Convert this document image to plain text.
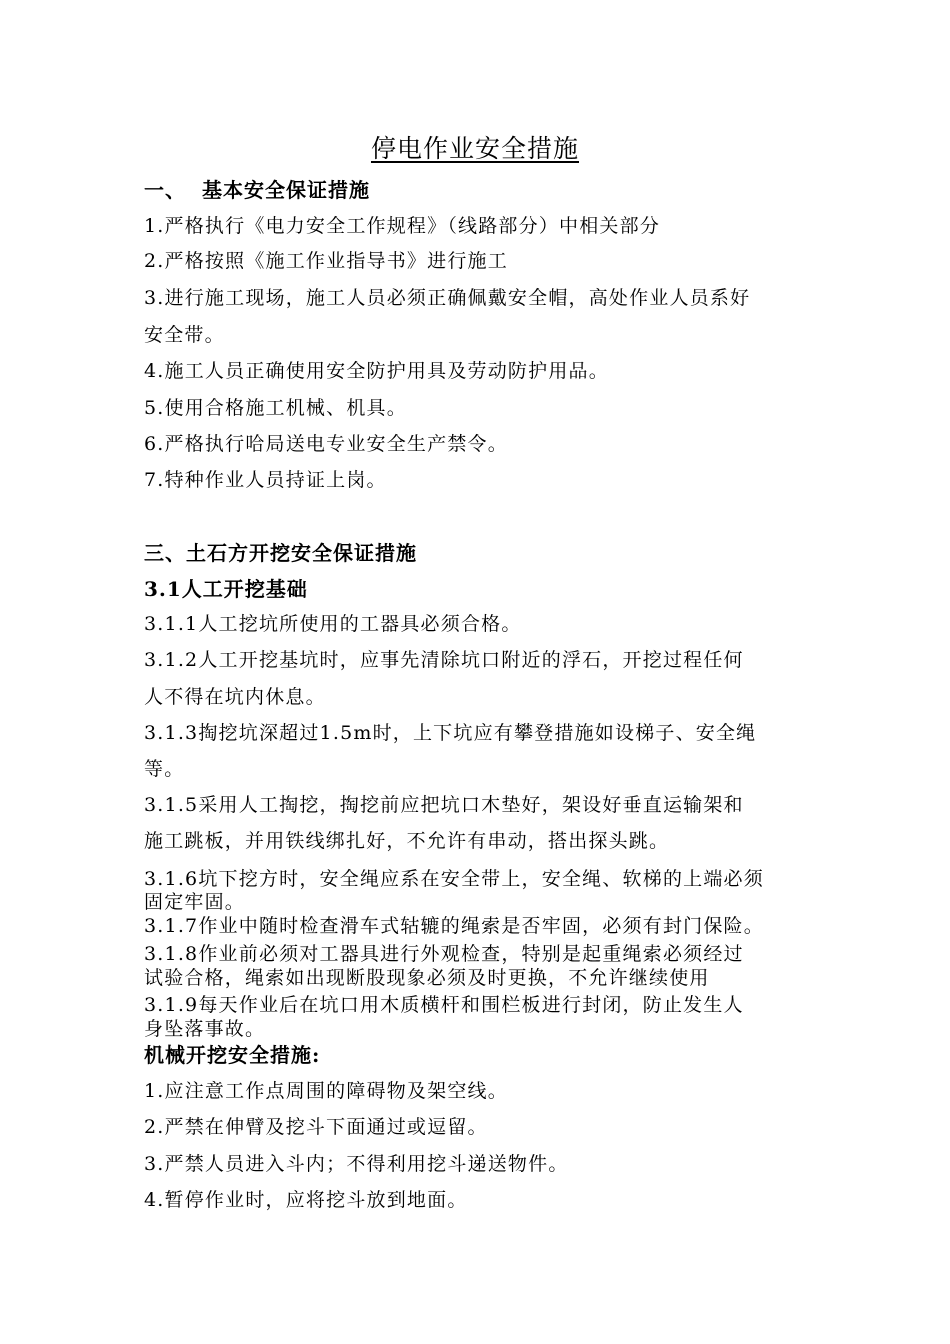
停电作业安全措施
一、 基本安全保证措施
1.严格执行《电力安全工作规程》（线路部分）中相关部分
2.严格按照《施工作业指导书》进行施工
3.进行施工现场，施工人员必须正确佩戴安全帽，高处作业人员系好
安全带。
4.施工人员正确使用安全防护用具及劳动防护用品。
5.使用合格施工机械、机具。
6.严格执行哈局送电专业安全生产禁令。
7.特种作业人员持证上岗。
三、土石方开挖安全保证措施
3.1人工开挖基础
3.1.1人工挖坑所使用的工器具必须合格。
3.1.2人工开挖基坑时，应事先清除坑口附近的浮石，开挖过程任何
人不得在坑内休息。
3.1.3掏挖坑深超过1.5m时，上下坑应有攀登措施如设梯子、安全绳
等。
3.1.5采用人工掏挖，掏挖前应把坑口木垫好，架设好垂直运输架和
施工跳板，并用铁线绑扎好，不允许有串动，搭出探头跳。
3.1.6坑下挖方时，安全绳应系在安全带上，安全绳、软梯的上端必须
固定牢固。
3.1.7作业中随时检查滑车式轱辘的绳索是否牢固，必须有封门保险。
3.1.8作业前必须对工器具进行外观检查，特别是起重绳索必须经过
试验合格，绳索如出现断股现象必须及时更换，不允许继续使用
3.1.9每天作业后在坑口用木质横杆和围栏板进行封闭，防止发生人
身坠落事故。
机械开挖安全措施:
1.应注意工作点周围的障碍物及架空线。
2.严禁在伸臂及挖斗下面通过或逗留。
3.严禁人员进入斗内；不得利用挖斗递送物件。
4.暂停作业时，应将挖斗放到地面。
